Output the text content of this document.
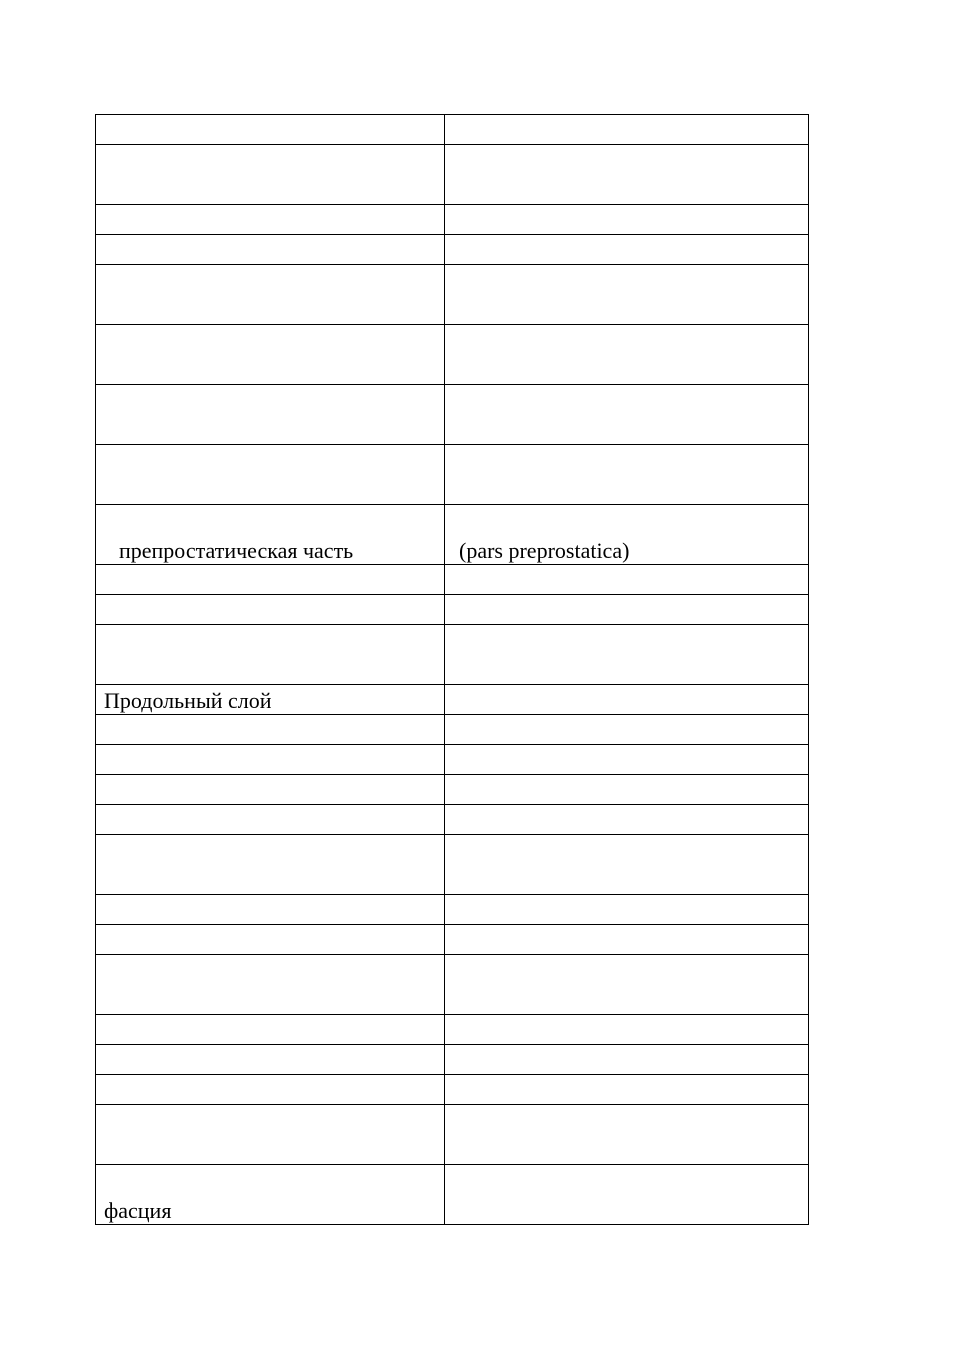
препростатическая часть	(pars preprostatica)

Продольный слой	

фасция	
